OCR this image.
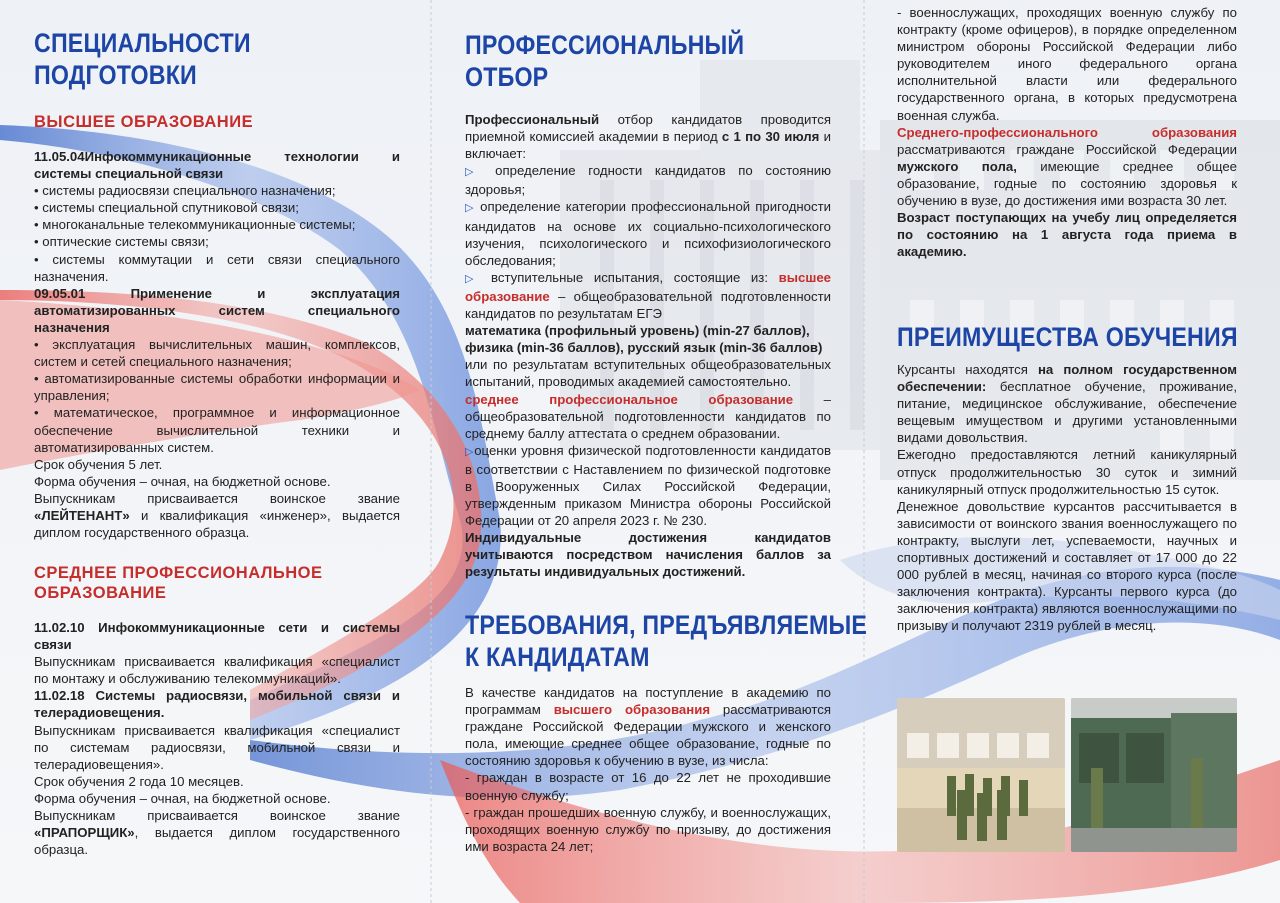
СПЕЦИАЛЬНОСТИ
ПОДГОТОВКИ
ВЫСШЕЕ ОБРАЗОВАНИЕ

11.05.04Инфокоммуникационные технологии и системы специальной связи

• системы радиосвязи специального назначения;

• системы специальной спутниковой связи;

• многоканальные телекоммуникационные системы;

• оптические системы связи;

• системы коммутации и сети связи специального назначения.

09.05.01 Применение и эксплуатация автоматизированных систем специального назначения

• эксплуатация вычислительных машин, комплексов, систем и сетей специального назначения;

• автоматизированные системы обработки информации и управления;

• математическое, программное и информационное обеспечение вычислительной техники и автоматизированных систем.

Срок обучения 5 лет.

Форма обучения – очная, на бюджетной основе.

Выпускникам присваивается воинское звание «ЛЕЙТЕНАНТ» и квалификация «инженер», выдается диплом государственного образца.

СРЕДНЕЕ ПРОФЕССИОНАЛЬНОЕ
ОБРАЗОВАНИЕ

11.02.10 Инфокоммуникационные сети и системы связи

Выпускникам присваивается квалификация «специалист по монтажу и обслуживанию телекоммуникаций».

11.02.18 Системы радиосвязи, мобильной связи и телерадиовещения.

Выпускникам присваивается квалификация «специалист по системам радиосвязи, мобильной связи и телерадиовещения».

Срок обучения 2 года 10 месяцев.

Форма обучения – очная, на бюджетной основе.

Выпускникам присваивается воинское звание «ПРАПОРЩИК», выдается диплом государственного образца.

ПРОФЕССИОНАЛЬНЫЙ
ОТБОР

Профессиональный отбор кандидатов проводится приемной комиссией академии в период с 1 по 30 июля и включает:

▷ определение годности кандидатов по состоянию здоровья;

▷ определение категории профессиональной пригодности кандидатов на основе их социально-психологического изучения, психологического и психофизиологического обследования;

▷ вступительные испытания, состоящие из: высшее образование – общеобразовательной подготовленности кандидатов по результатам ЕГЭ

математика (профильный уровень) (min-27 баллов),

физика (min-36 баллов), русский язык (min-36 баллов)

или по результатам вступительных общеобразовательных испытаний, проводимых академией самостоятельно.

среднее профессиональное образование – общеобразовательной подготовленности кандидатов по среднему баллу аттестата о среднем образовании.

▷оценки уровня физической подготовленности кандидатов в соответствии с Наставлением по физической подготовке в Вооруженных Силах Российской Федерации, утвержденным приказом Министра обороны Российской Федерации от 20 апреля 2023 г. № 230.

Индивидуальные достижения кандидатов учитываются посредством начисления баллов за результаты индивидуальных достижений.

ТРЕБОВАНИЯ, ПРЕДЪЯВЛЯЕМЫЕ
К КАНДИДАТАМ

В качестве кандидатов на поступление в академию по программам высшего образования рассматриваются граждане Российской Федерации мужского и женского пола, имеющие среднее общее образование, годные по состоянию здоровья к обучению в вузе, из числа:

- граждан в возрасте от 16 до 22 лет не проходившие военную службу;

- граждан прошедших военную службу, и военнослужащих, проходящих военную службу по призыву, до достижения ими возраста 24 лет;

- военнослужащих, проходящих военную службу по контракту (кроме офицеров), в порядке определенном министром обороны Российской Федерации либо руководителем иного федерального органа исполнительной власти или федерального государственного органа, в которых предусмотрена военная служба.

Среднего-профессионального образования рассматриваются граждане Российской Федерации мужского пола, имеющие среднее общее образование, годные по состоянию здоровья к обучению в вузе, до достижения ими возраста 30 лет.

Возраст поступающих на учебу лиц определяется по состоянию на 1 августа года приема в академию.

ПРЕИМУЩЕСТВА ОБУЧЕНИЯ

Курсанты находятся на полном государственном обеспечении: бесплатное обучение, проживание, питание, медицинское обслуживание, обеспечение вещевым имуществом и другими установленными видами довольствия.

Ежегодно предоставляются летний каникулярный отпуск продолжительностью 30 суток и зимний каникулярный отпуск продолжительностью 15 суток.

Денежное довольствие курсантов рассчитывается в зависимости от воинского звания военнослужащего по контракту, выслуги лет, успеваемости, научных и спортивных достижений и составляет от 17 000 до 22 000 рублей в месяц, начиная со второго курса (после заключения контракта). Курсанты первого курса (до заключения контракта) являются военнослужащими по призыву и получают 2319 рублей в месяц.
